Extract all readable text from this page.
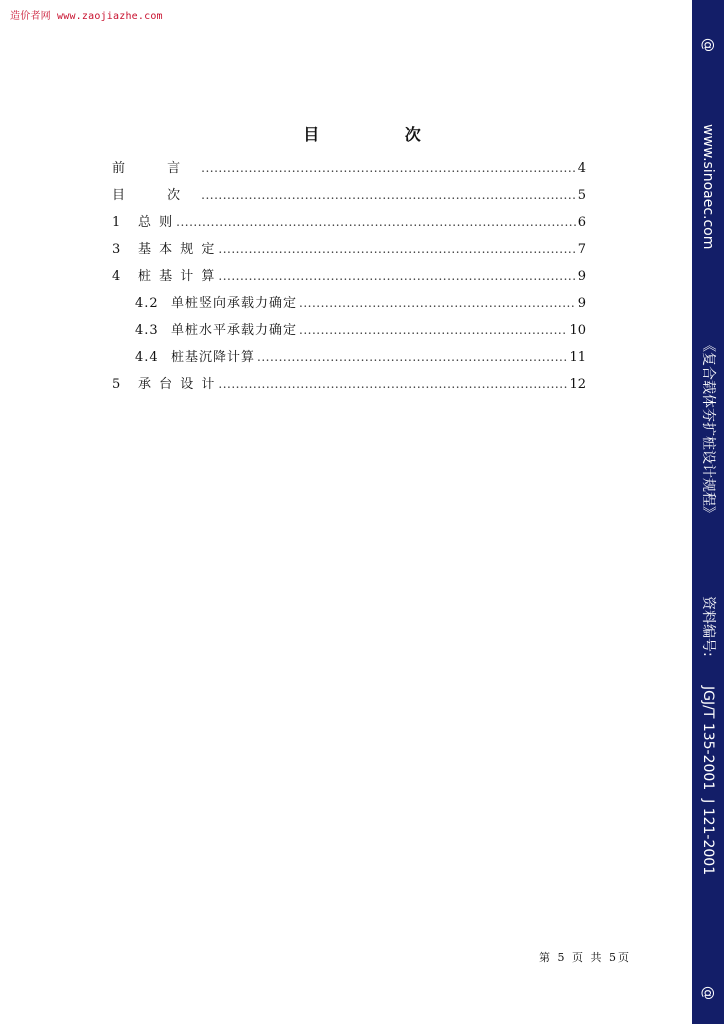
造价者网 www.zaojiazhe.com
目 次
前 言 .....	4
目 次 .....	5
1 总 则 .....	6
3 基 本 规 定 .....	7
4 桩 基 计 算 .....	9
4.2 单桩竖向承载力确定 .....	9
4.3 单桩水平承载力确定 .....	10
4.4 桩基沉降计算 .....	11
5 承 台 设 计 .....	12
第 5 页 共 5页
@www.sinoaec.com《复合载体夯扩桩设计规程》资料编号:JGJ/T 135-2001  J 121-2001@
